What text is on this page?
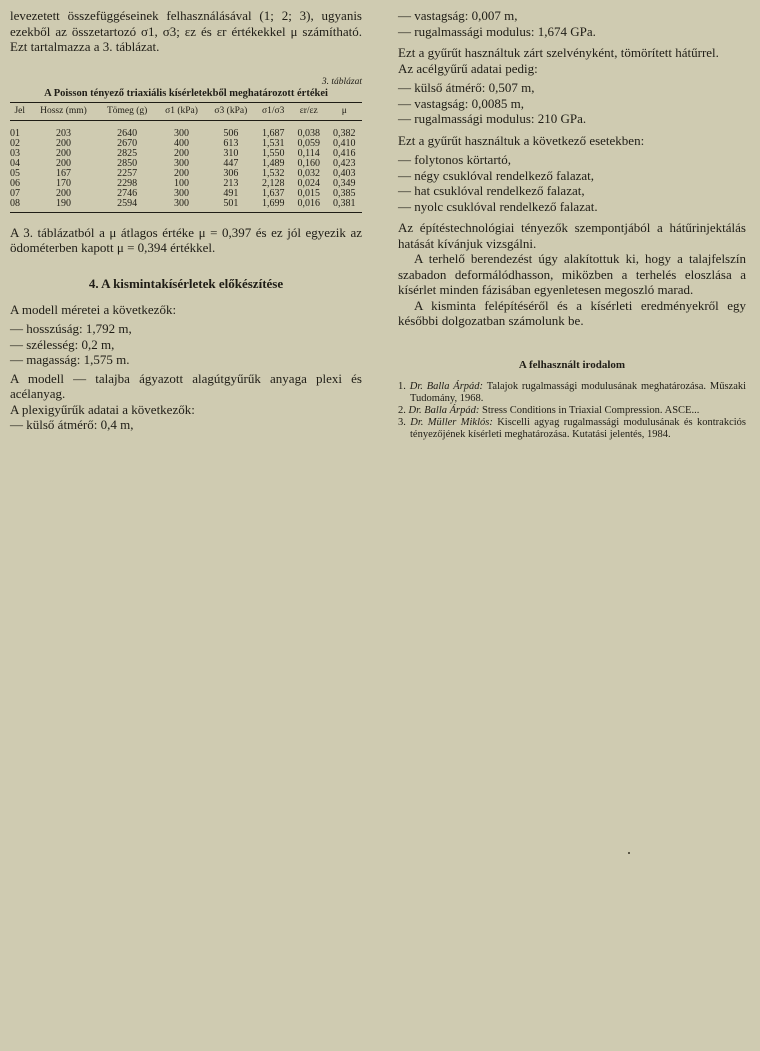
levezetett összefüggéseinek felhasználásával (1; 2; 3), ugyanis ezekből az összetartozó σ1, σ3; εz és εr értékekkel μ számítható. Ezt tartalmazza a 3. táblázat.

3. táblázat
A Poisson tényező triaxiális kísérletekből meghatározott értékei
Jel	Hossz (mm)	Tömeg (g)	σ1 (kPa)	σ3 (kPa)	σ1/σ3	εr/εz	μ
01	203	2640	300	506	1,687	0,038	0,382
02	200	2670	400	613	1,531	0,059	0,410
03	200	2825	200	310	1,550	0,114	0,416
04	200	2850	300	447	1,489	0,160	0,423
05	167	2257	200	306	1,532	0,032	0,403
06	170	2298	100	213	2,128	0,024	0,349
07	200	2746	300	491	1,637	0,015	0,385
08	190	2594	300	501	1,699	0,016	0,381

A 3. táblázatból a μ átlagos értéke μ = 0,397 és ez jól egyezik az ödométerben kapott μ = 0,394 értékkel.

4. A kismintakísérletek előkészítése
A modell méretei a következők:
— hosszúság: 1,792 m,
— szélesség: 0,2 m,
— magasság: 1,575 m.

A modell — talajba ágyazott alagútgyűrűk anyaga plexi és acélanyag.

A plexigyűrűk adatai a következők:
— külső átmérő: 0,4 m,
— vastagság: 0,007 m,
— rugalmassági modulus: 1,674 GPa.

Ezt a gyűrűt használtuk zárt szelvényként, tömörített hátűrrel.

Az acélgyűrű adatai pedig:
— külső átmérő: 0,507 m,
— vastagság: 0,0085 m,
— rugalmassági modulus: 210 GPa.

Ezt a gyűrűt használtuk a következő esetekben:

— folytonos körtartó,
— négy csuklóval rendelkező falazat,
— hat csuklóval rendelkező falazat,
— nyolc csuklóval rendelkező falazat.

Az építéstechnológiai tényezők szempontjából a hátűrinjektálás hatását kívánjuk vizsgálni.

A terhelő berendezést úgy alakítottuk ki, hogy a talajfelszín szabadon deformálódhasson, miközben a terhelés eloszlása a kísérlet minden fázisában egyenletesen megoszló marad.

A kisminta felépítéséről és a kísérleti eredményekről egy későbbi dolgozatban számolunk be.

A felhasznált irodalom
1. Dr. Balla Árpád: Talajok rugalmassági modulusának meghatározása. Műszaki Tudomány, 1968.
2. Dr. Balla Árpád: Stress Conditions in Triaxial Compression. ASCE...
3. Dr. Müller Miklós: Kiscelli agyag rugalmassági modulusának és kontrakciós tényezőjének kísérleti meghatározása. Kutatási jelentés, 1984.
